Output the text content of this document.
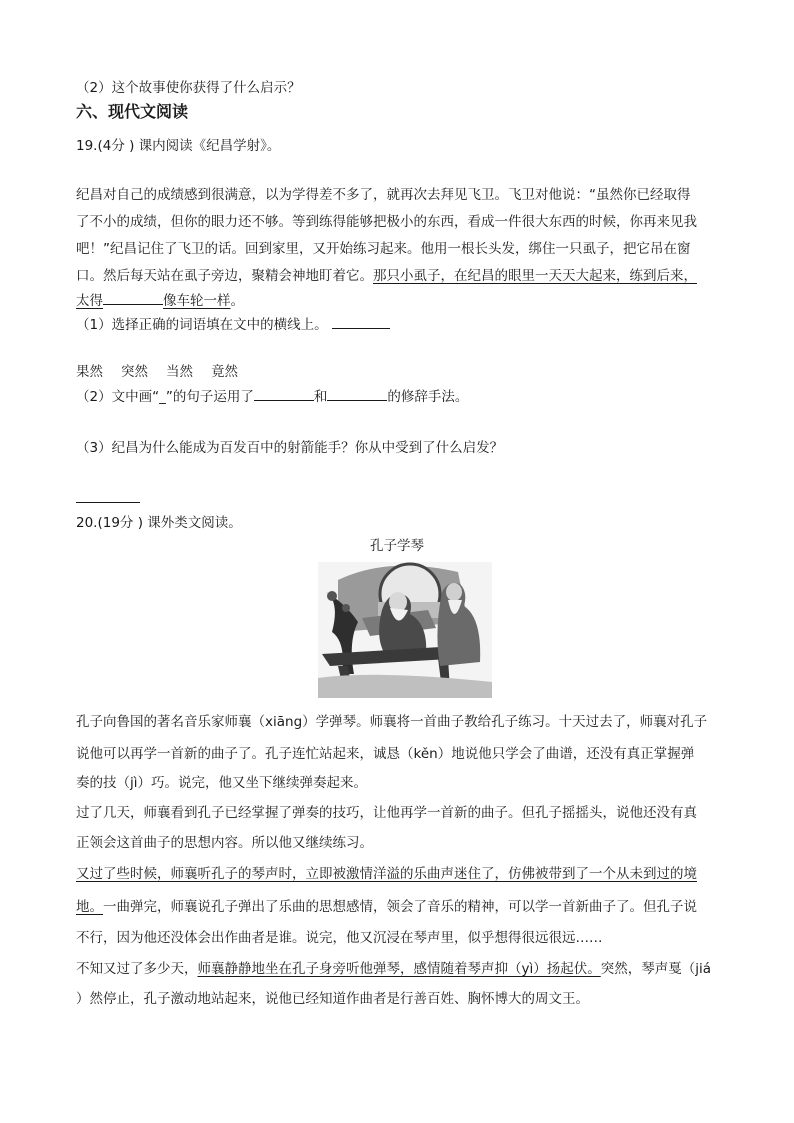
（2）这个故事使你获得了什么启示？
六、现代文阅读
19.(4分 ) 课内阅读《纪昌学射》。
纪昌对自己的成绩感到很满意，以为学得差不多了，就再次去拜见飞卫。飞卫对他说：“虽然你已经取得
了不小的成绩，但你的眼力还不够。等到练得能够把极小的东西，看成一件很大东西的时候，你再来见我
吧！”纪昌记住了飞卫的话。回到家里，又开始练习起来。他用一根长头发，绑住一只虱子，把它吊在窗
口。然后每天站在虱子旁边，聚精会神地盯着它。那只小虱子，在纪昌的眼里一天天大起来，练到后来，
太得	像车轮一样。
（1）选择正确的词语填在文中的横线上。
果然 突然 当然 竟然
（2）文中画“_”的句子运用了	和	的修辞手法。
（3）纪昌为什么能成为百发百中的射箭能手？你从中受到了什么启发？
20.(19分 ) 课外类文阅读。
孔子学琴
孔子向鲁国的著名音乐家师襄（xiāng）学弹琴。师襄将一首曲子教给孔子练习。十天过去了，师襄对孔子
说他可以再学一首新的曲子了。孔子连忙站起来，诚恳（kěn）地说他只学会了曲谱，还没有真正掌握弹
奏的技（jì）巧。说完，他又坐下继续弹奏起来。
过了几天，师襄看到孔子已经掌握了弹奏的技巧，让他再学一首新的曲子。但孔子摇摇头，说他还没有真
正领会这首曲子的思想内容。所以他又继续练习。
又过了些时候，师襄听孔子的琴声时，立即被激情洋溢的乐曲声迷住了，仿佛被带到了一个从未到过的境
地。一曲弹完，师襄说孔子弹出了乐曲的思想感情，领会了音乐的精神，可以学一首新曲子了。但孔子说
不行，因为他还没体会出作曲者是谁。说完，他又沉浸在琴声里，似乎想得很远很远……
不知又过了多少天，师襄静静地坐在孔子身旁听他弹琴，感情随着琴声抑（yì）扬起伏。突然，琴声戛（jiá
）然停止，孔子激动地站起来，说他已经知道作曲者是行善百姓、胸怀博大的周文王。
